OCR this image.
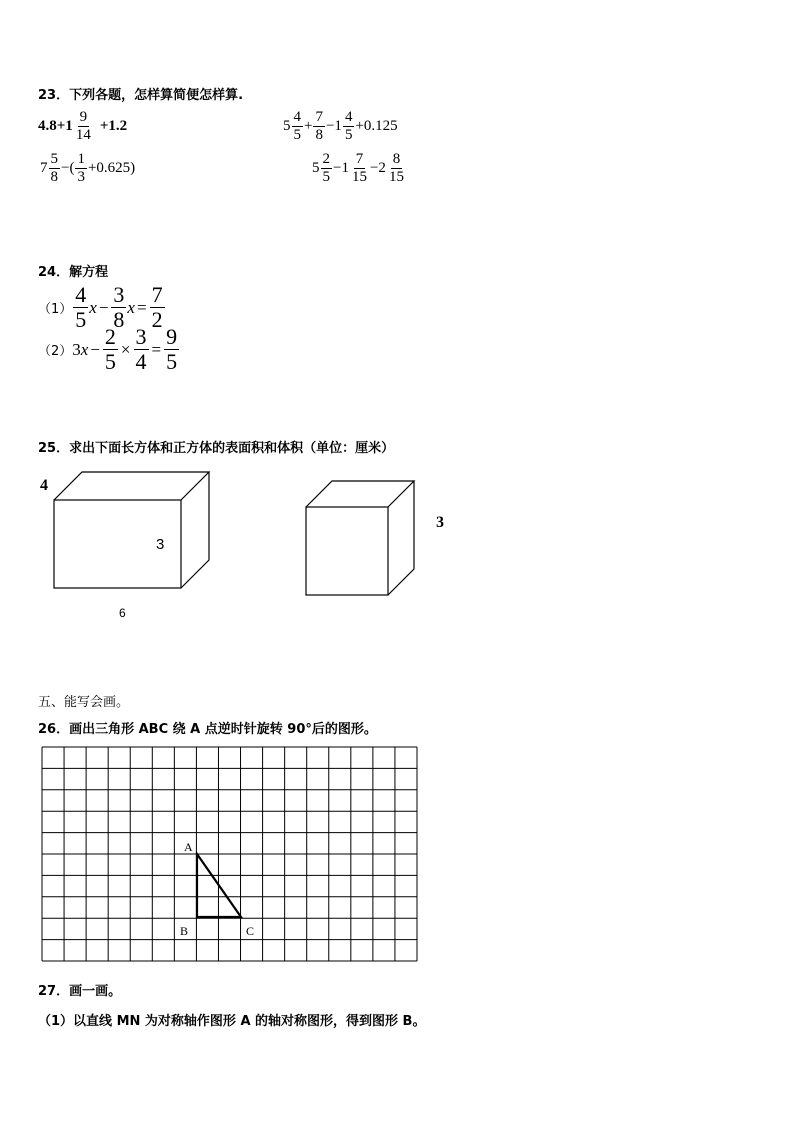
23．下列各题，怎样算简便怎样算.
$4.8+1 \frac{9}{14} +1.2$	$5 \frac{4}{5} + \frac{7}{8} -1 \frac{4}{5} +0.125$
$7 \frac{5}{8}$ −( $\frac{1}{3} +0.625$)	$5 \frac{2}{5} -1 \frac{7}{15} -2 \frac{8}{15}$
24．解方程
$(1) \frac{4}{5}$ $x - \frac{3}{8}$ $x = \frac{7}{2}$
（2） 3 $x - \frac{2}{5} \times \frac{3}{4} = \frac{9}{5}$
25．求出下面长方体和正方体的表面积和体积（单位：厘米）
4
3
6
3
五、能写会画。
26．画出三角形 ABC 绕 A 点逆时针旋转 90°后的图形。
A
B	C
27．画一画。
（1）以直线 MN 为对称轴作图形 A 的轴对称图形，得到图形 B。
